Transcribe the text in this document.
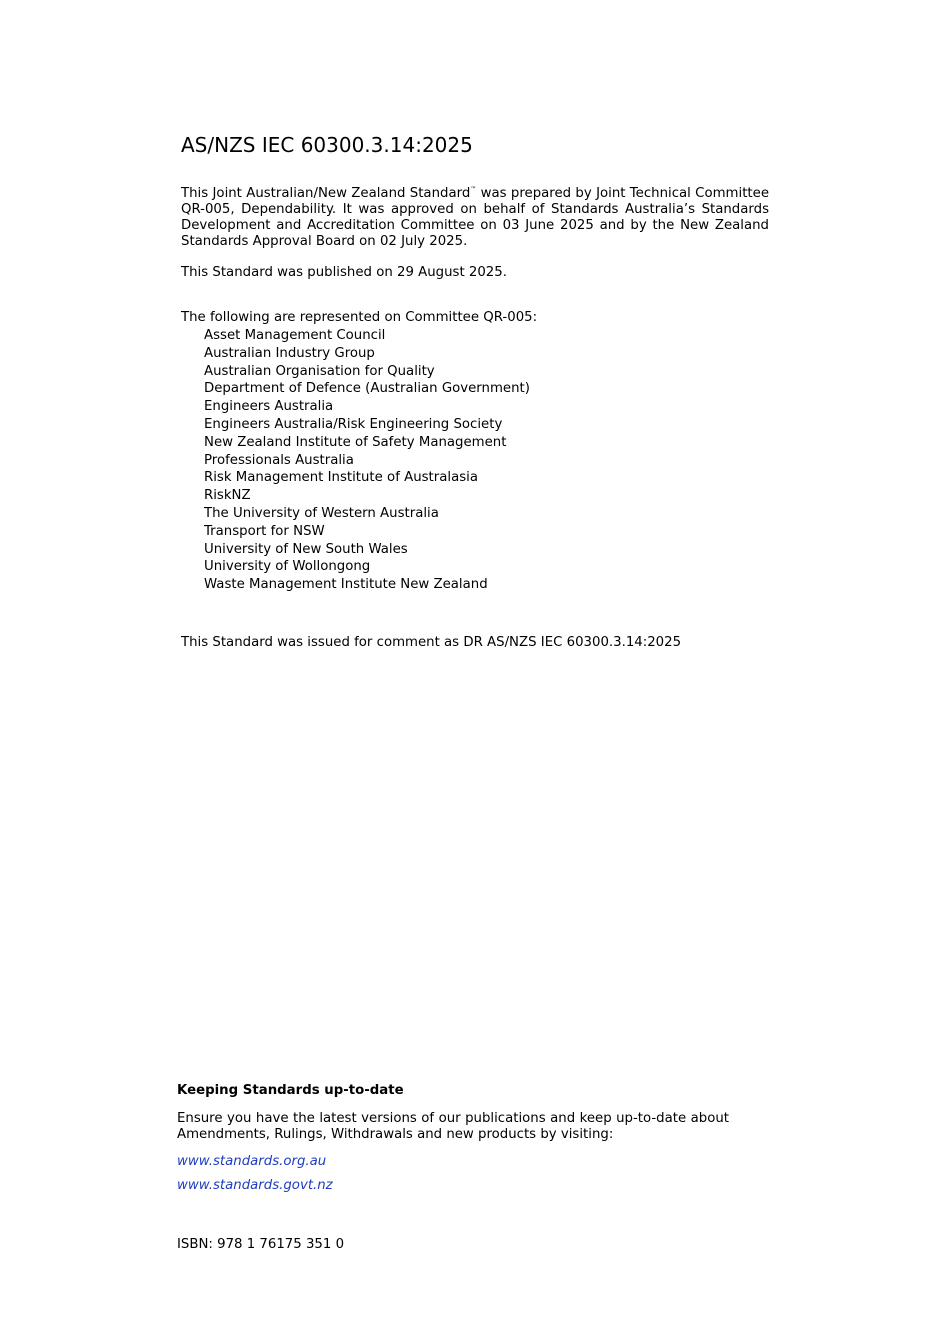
AS/NZS IEC 60300.3.14:2025
This Joint Australian/New Zealand Standard™ was prepared by Joint Technical Committee QR-005, Dependability. It was approved on behalf of Standards Australia’s Standards Development and Accreditation Committee on 03 June 2025 and by the New Zealand Standards Approval Board on 02 July 2025.
This Standard was published on 29 August 2025.
The following are represented on Committee QR-005:
Asset Management Council
Australian Industry Group
Australian Organisation for Quality
Department of Defence (Australian Government)
Engineers Australia
Engineers Australia/Risk Engineering Society
New Zealand Institute of Safety Management
Professionals Australia
Risk Management Institute of Australasia
RiskNZ
The University of Western Australia
Transport for NSW
University of New South Wales
University of Wollongong
Waste Management Institute New Zealand
This Standard was issued for comment as DR AS/NZS IEC 60300.3.14:2025
Keeping Standards up-to-date
Ensure you have the latest versions of our publications and keep up-to-date about Amendments, Rulings, Withdrawals and new products by visiting:
www.standards.org.au
www.standards.govt.nz
ISBN: 978 1 76175 351 0
